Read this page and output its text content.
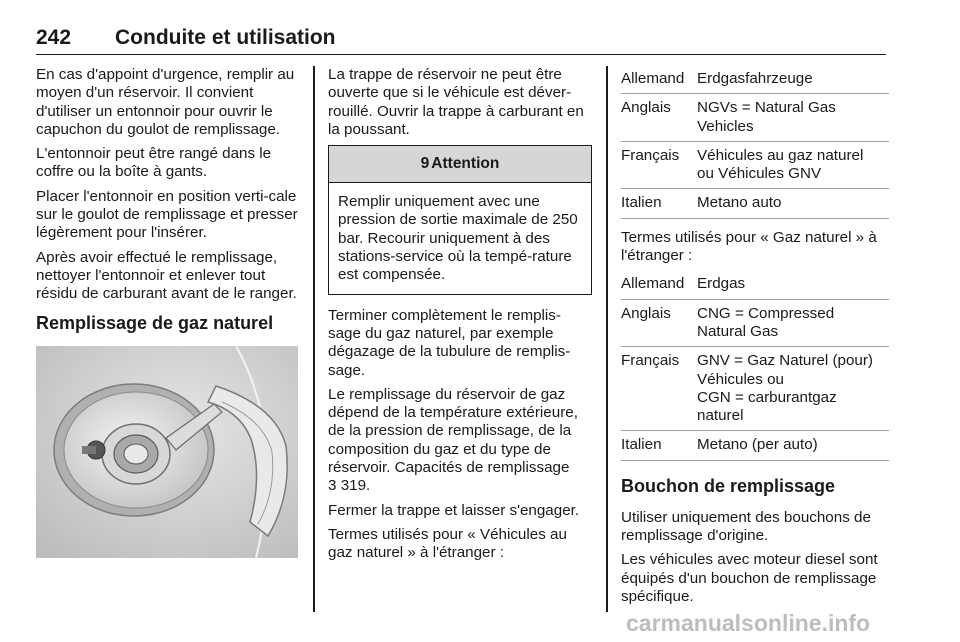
242 Conduite et utilisation

En cas d'appoint d'urgence, remplir au moyen d'un réservoir. Il convient d'utiliser un entonnoir pour ouvrir le capuchon du goulot de remplissage.

L'entonnoir peut être rangé dans le coffre ou la boîte à gants.

Placer l'entonnoir en position verti-cale sur le goulot de remplissage et presser légèrement pour l'insérer.

Après avoir effectué le remplissage, nettoyer l'entonnoir et enlever tout résidu de carburant avant de le ranger.

Remplissage de gaz naturel

La trappe de réservoir ne peut être ouverte que si le véhicule est déver-rouillé. Ouvrir la trappe à carburant en la poussant.

9 Attention

Remplir uniquement avec une pression de sortie maximale de 250 bar. Recourir uniquement à des stations-service où la tempé-rature est compensée.

Terminer complètement le remplis-sage du gaz naturel, par exemple dégazage de la tubulure de remplis-sage.

Le remplissage du réservoir de gaz dépend de la température extérieure, de la pression de remplissage, de la composition du gaz et du type de réservoir. Capacités de remplissage
3 319.

Fermer la trappe et laisser s'engager.

Termes utilisés pour « Véhicules au gaz naturel » à l'étranger :

Allemand Erdgasfahrzeuge
Anglais	NGVs = Natural Gas
Vehicles
Français	Véhicules au gaz naturel
ou Véhicules GNV
Italien	Metano auto

Termes utilisés pour « Gaz naturel » à l'étranger :

Allemand Erdgas
Anglais	CNG = Compressed
Natural Gas
Français	GNV = Gaz Naturel (pour)
Véhicules ou
CGN = carburantgaz
naturel
Italien	Metano (per auto)
Bouchon de remplissage

Utiliser uniquement des bouchons de remplissage d'origine.

Les véhicules avec moteur diesel sont équipés d'un bouchon de remplissage spécifique.

carmanualsonline.info
